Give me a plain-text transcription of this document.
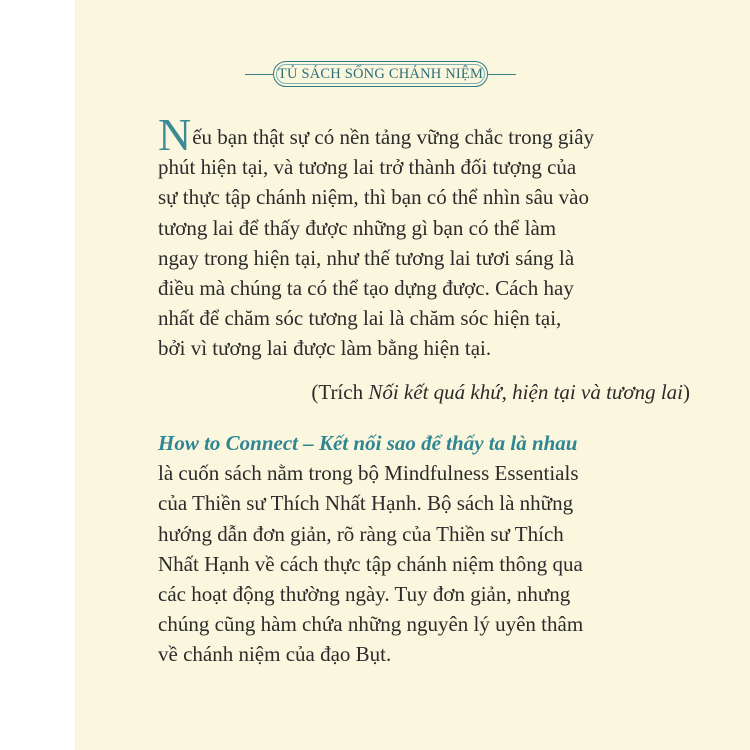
TỦ SÁCH SỐNG CHÁNH NIỆM
Nếu bạn thật sự có nền tảng vững chắc trong giây
phút hiện tại, và tương lai trở thành đối tượng của
sự thực tập chánh niệm, thì bạn có thể nhìn sâu vào
tương lai để thấy được những gì bạn có thể làm
ngay trong hiện tại, như thế tương lai tươi sáng là
điều mà chúng ta có thể tạo dựng được. Cách hay
nhất để chăm sóc tương lai là chăm sóc hiện tại,
bởi vì tương lai được làm bằng hiện tại.
(Trích Nối kết quá khứ, hiện tại và tương lai)
How to Connect – Kết nối sao để thấy ta là nhau
là cuốn sách nằm trong bộ Mindfulness Essentials
của Thiền sư Thích Nhất Hạnh. Bộ sách là những
hướng dẫn đơn giản, rõ ràng của Thiền sư Thích
Nhất Hạnh về cách thực tập chánh niệm thông qua
các hoạt động thường ngày. Tuy đơn giản, nhưng
chúng cũng hàm chứa những nguyên lý uyên thâm
về chánh niệm của đạo Bụt.
